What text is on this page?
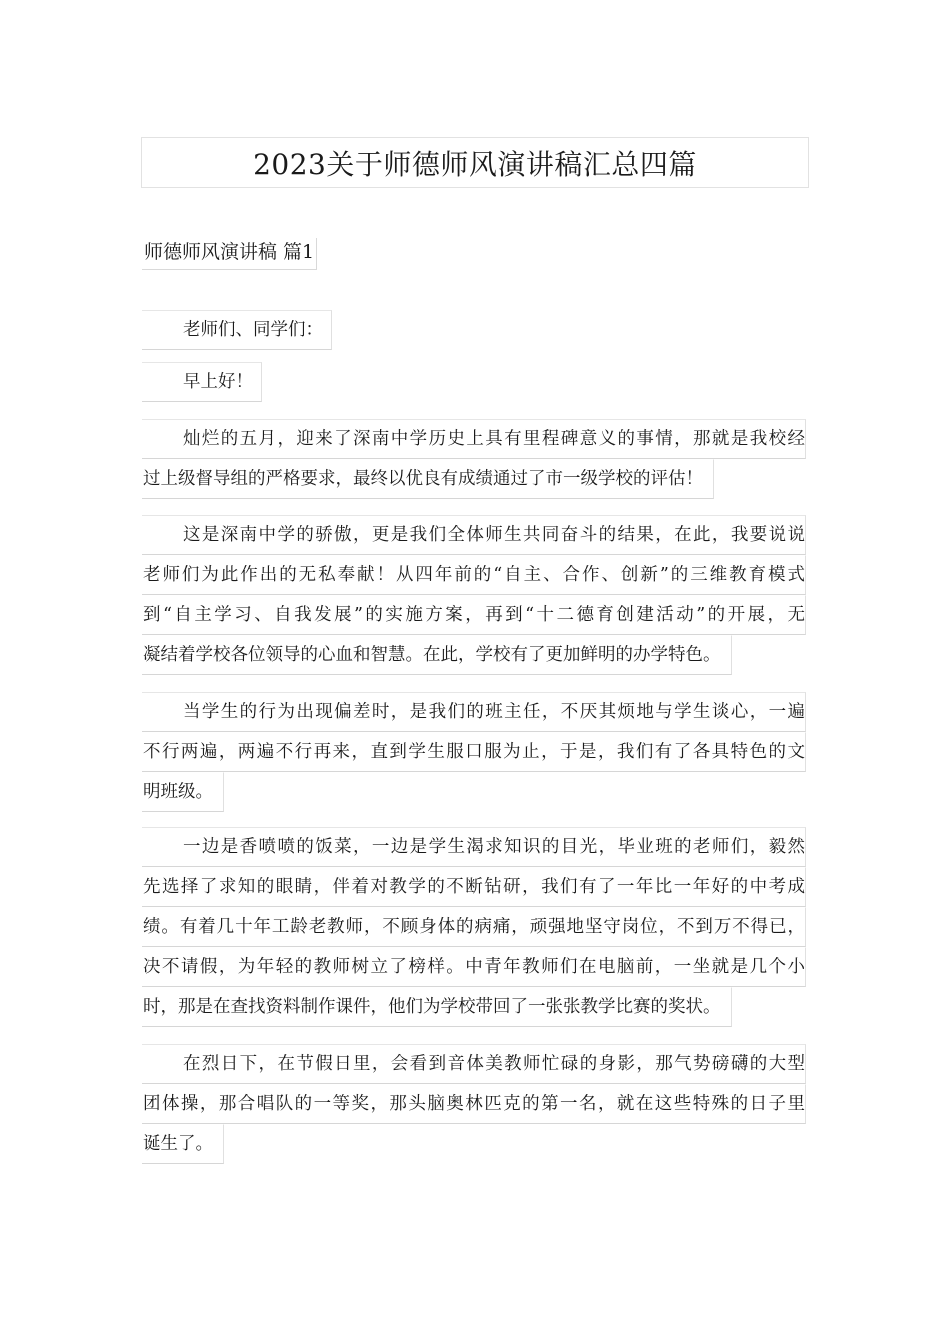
2023关于师德师风演讲稿汇总四篇
师德师风演讲稿 篇1
老师们、同学们：
早上好！
灿烂的五月，迎来了深南中学历史上具有里程碑意义的事情，那就是我校经
过上级督导组的严格要求，最终以优良有成绩通过了市一级学校的评估！
这是深南中学的骄傲，更是我们全体师生共同奋斗的结果，在此，我要说说
老师们为此作出的无私奉献！从四年前的“自主、合作、创新”的三维教育模式
到“自主学习、自我发展”的实施方案，再到“十二德育创建活动”的开展，无
凝结着学校各位领导的心血和智慧。在此，学校有了更加鲜明的办学特色。
当学生的行为出现偏差时，是我们的班主任，不厌其烦地与学生谈心，一遍
不行两遍，两遍不行再来，直到学生服口服为止，于是，我们有了各具特色的文
明班级。
一边是香喷喷的饭菜，一边是学生渴求知识的目光，毕业班的老师们，毅然
先选择了求知的眼睛，伴着对教学的不断钻研，我们有了一年比一年好的中考成
绩。有着几十年工龄老教师，不顾身体的病痛，顽强地坚守岗位，不到万不得已，
决不请假，为年轻的教师树立了榜样。中青年教师们在电脑前，一坐就是几个小
时，那是在查找资料制作课件，他们为学校带回了一张张教学比赛的奖状。
在烈日下，在节假日里，会看到音体美教师忙碌的身影，那气势磅礴的大型
团体操，那合唱队的一等奖，那头脑奥林匹克的第一名，就在这些特殊的日子里
诞生了。
